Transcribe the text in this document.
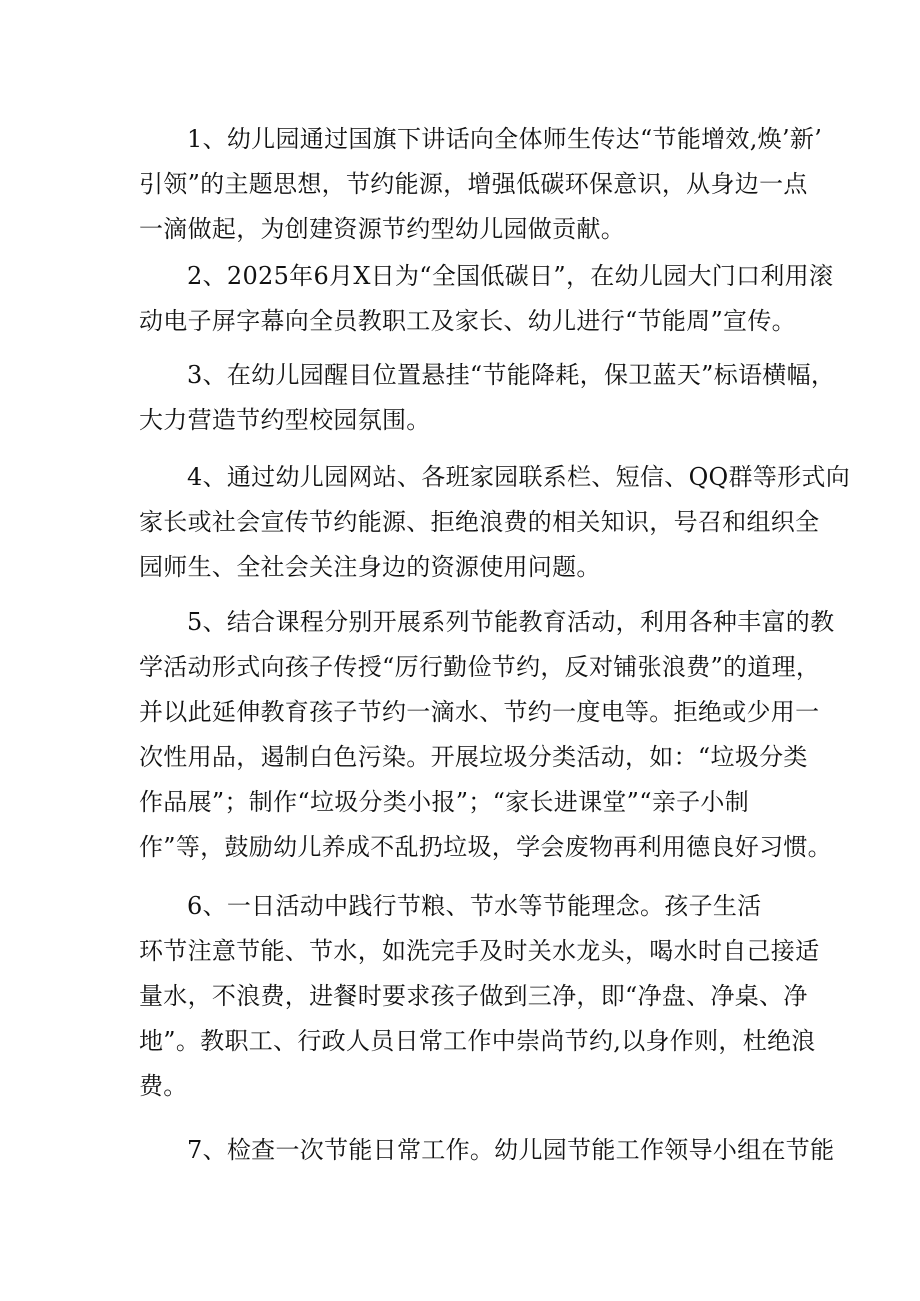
1、幼儿园通过国旗下讲话向全体师生传达“节能增效,焕’新’
引领”的主题思想，节约能源，增强低碳环保意识，从身边一点
一滴做起，为创建资源节约型幼儿园做贡献。
2、2025年6月X日为“全国低碳日”，在幼儿园大门口利用滚
动电子屏字幕向全员教职工及家长、幼儿进行“节能周”宣传。
3、在幼儿园醒目位置悬挂“节能降耗，保卫蓝天”标语横幅，
大力营造节约型校园氛围。
4、通过幼儿园网站、各班家园联系栏、短信、QQ群等形式向
家长或社会宣传节约能源、拒绝浪费的相关知识，号召和组织全
园师生、全社会关注身边的资源使用问题。
5、结合课程分别开展系列节能教育活动，利用各种丰富的教
学活动形式向孩子传授“厉行勤俭节约，反对铺张浪费”的道理，
并以此延伸教育孩子节约一滴水、节约一度电等。拒绝或少用一
次性用品，遏制白色污染。开展垃圾分类活动，如：“垃圾分类
作品展”；制作“垃圾分类小报”；“家长进课堂”“亲子小制
作”等，鼓励幼儿养成不乱扔垃圾，学会废物再利用德良好习惯。
6、一日活动中践行节粮、节水等节能理念。孩子生活
环节注意节能、节水，如洗完手及时关水龙头，喝水时自己接适
量水，不浪费，进餐时要求孩子做到三净，即“净盘、净桌、净
地”。教职工、行政人员日常工作中崇尚节约,以身作则，杜绝浪
费。
7、检查一次节能日常工作。幼儿园节能工作领导小组在节能
